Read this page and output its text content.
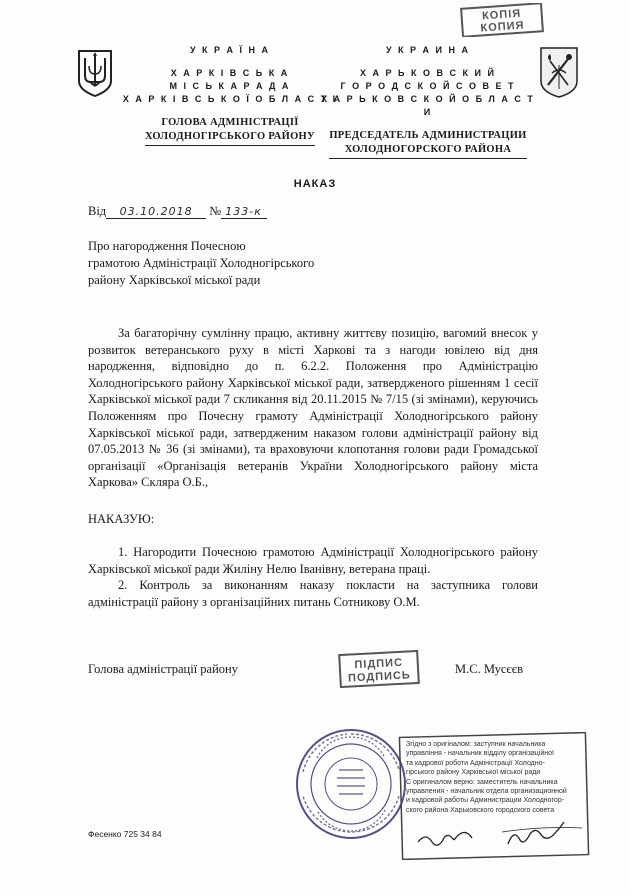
КОПІЯ
КОПИЯ
У К Р А Ї Н А
Х А Р К І В С Ь К А
М І С Ь К А Р А Д А
Х А Р К І В С Ь К О Ї О Б Л А С Т І
ГОЛОВА АДМІНІСТРАЦІЇ
ХОЛОДНОГІРСЬКОГО РАЙОНУ
У К Р А И Н А
Х А Р Ь К О В С К И Й
Г О Р О Д С К О Й С О В Е Т
Х А Р Ь К О В С К О Й О Б Л А С Т И
ПРЕДСЕДАТЕЛЬ АДМИНИСТРАЦИИ
ХОЛОДНОГОРСКОГО РАЙОНА
НАКАЗ
Від 03.10.2018 № 133-к
Про нагородження Почесною
грамотою Адміністрації Холодногірського
району Харківської міської ради

За багаторічну сумлінну працю, активну життєву позицію, вагомий внесок у розвиток ветеранського руху в місті Харкові та з нагоди ювілею від дня народження, відповідно до п. 6.2.2. Положення про Адміністрацію Холодногірського району Харківської міської ради, затвердженого рішенням 1 сесії Харківської міської ради 7 скликання від 20.11.2015 № 7/15 (зі змінами), керуючись Положенням про Почесну грамоту Адміністрації Холодногірського району Харківської міської ради, затвердженим наказом голови адміністрації району від 07.05.2013 № 36 (зі змінами), та враховуючи клопотання голови ради Громадської організації «Організація ветеранів України Холодногірського району міста Харкова» Скляра О.Б.,

НАКАЗУЮ:

1. Нагородити Почесною грамотою Адміністрації Холодногірського району Харківської міської ради Жиліну Нелю Іванівну, ветерана праці.

2. Контроль за виконанням наказу покласти на заступника голови адміністрації району з організаційних питань Сотникову О.М.

Голова адміністрації району	ПІДПИС
ПОДПИСЬ
М.С. Мусєєв
Згідно з оригіналом: заступник начальника
управління - начальник відділу організаційної
та кадрової роботи Адміністрації Холодно-
гірського району Харківської міської ради
С оригиналом верно: заместитель начальника
управления - начальник отдела организационной
и кадровой работы Администрации Холодногор-
ского района Харьковского городского совета
Фесенко 725 34 84
